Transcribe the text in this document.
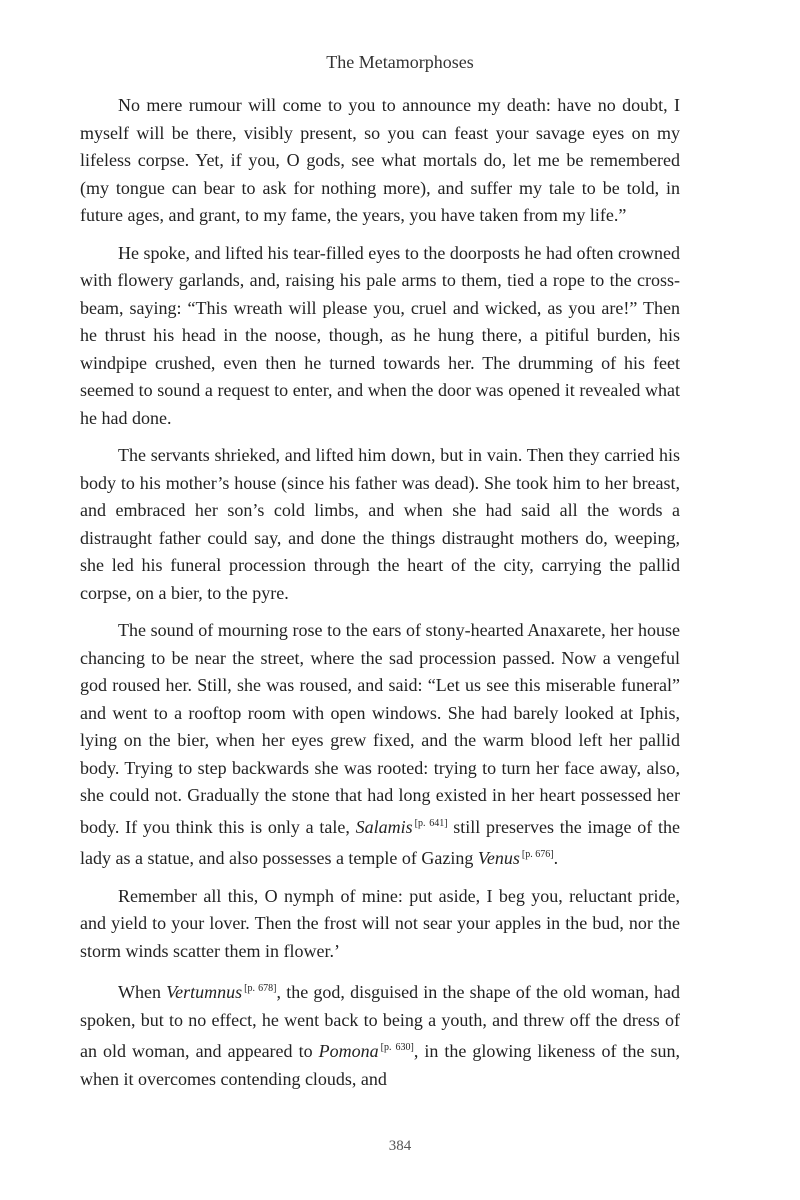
The Metamorphoses

No mere rumour will come to you to announce my death: have no doubt, I myself will be there, visibly present, so you can feast your savage eyes on my lifeless corpse. Yet, if you, O gods, see what mortals do, let me be remembered (my tongue can bear to ask for nothing more), and suffer my tale to be told, in future ages, and grant, to my fame, the years, you have taken from my life.”

He spoke, and lifted his tear-filled eyes to the doorposts he had often crowned with flowery garlands, and, raising his pale arms to them, tied a rope to the cross-beam, saying: “This wreath will please you, cruel and wicked, as you are!” Then he thrust his head in the noose, though, as he hung there, a pitiful burden, his windpipe crushed, even then he turned towards her. The drumming of his feet seemed to sound a request to enter, and when the door was opened it revealed what he had done.

The servants shrieked, and lifted him down, but in vain. Then they carried his body to his mother’s house (since his father was dead). She took him to her breast, and embraced her son’s cold limbs, and when she had said all the words a distraught father could say, and done the things distraught mothers do, weeping, she led his funeral procession through the heart of the city, carrying the pallid corpse, on a bier, to the pyre.

The sound of mourning rose to the ears of stony-hearted Anaxarete, her house chancing to be near the street, where the sad procession passed. Now a vengeful god roused her. Still, she was roused, and said: “Let us see this miserable funeral” and went to a rooftop room with open windows. She had barely looked at Iphis, lying on the bier, when her eyes grew fixed, and the warm blood left her pallid body. Trying to step backwards she was rooted: trying to turn her face away, also, she could not. Gradually the stone that had long existed in her heart possessed her body. If you think this is only a tale, Salamis [p. 641] still preserves the image of the lady as a statue, and also possesses a temple of Gazing Venus [p. 676].

Remember all this, O nymph of mine: put aside, I beg you, reluctant pride, and yield to your lover. Then the frost will not sear your apples in the bud, nor the storm winds scatter them in flower.’

When Vertumnus [p. 678], the god, disguised in the shape of the old woman, had spoken, but to no effect, he went back to being a youth, and threw off the dress of an old woman, and appeared to Pomona [p. 630], in the glowing likeness of the sun, when it overcomes contending clouds, and

384
